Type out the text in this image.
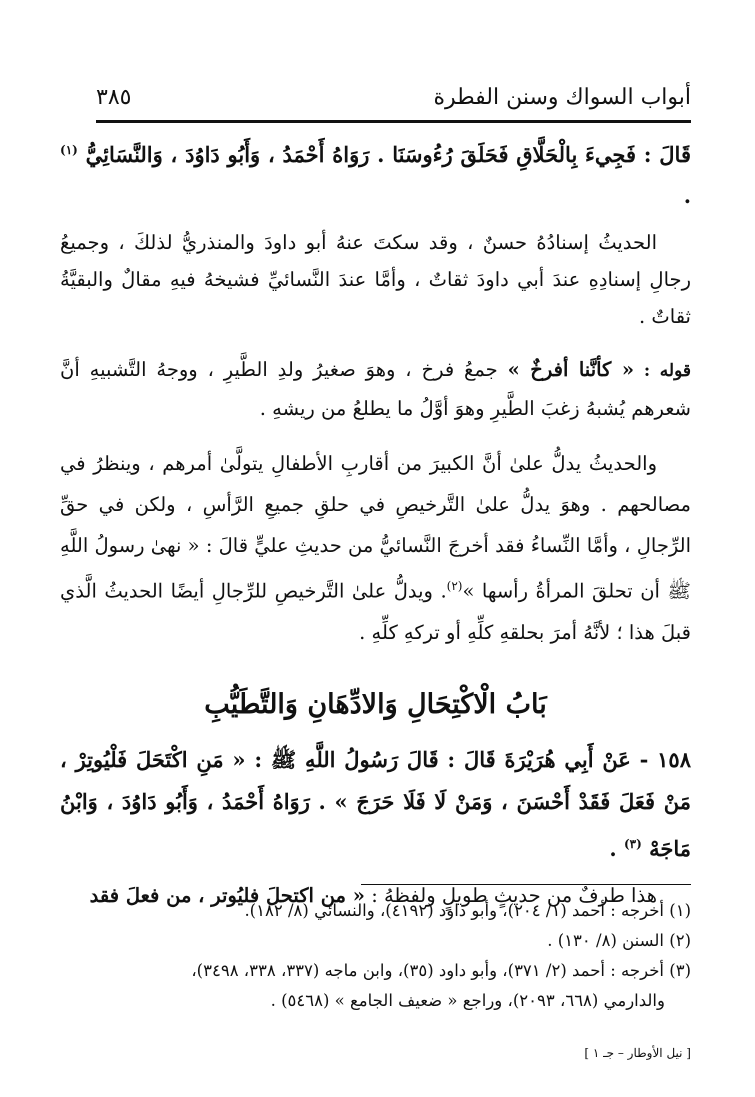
أبواب السواك وسنن الفطرة
٣٨٥

قَالَ : فَجِيءَ بِالْحَلَّاقِ فَحَلَقَ رُءُوسَنَا . رَوَاهُ أَحْمَدُ ، وَأَبُو دَاوُدَ ، وَالنَّسَائِيُّ $^{(١)}$ .

الحديثُ إسنادُهُ حسنٌ ، وقد سكتَ عنهُ أبو داودَ والمنذريُّ لذلكَ ، وجميعُ رجالِ إسنادِهِ عندَ أبي داودَ ثقاتٌ ، وأمَّا عندَ النَّسائيِّ فشيخهُ فيهِ مقالٌ والبقيَّةُ ثقاتٌ .

قوله : « كأنَّنا أفرخٌ » جمعُ فرخ ، وهوَ صغيرُ ولدِ الطَّيرِ ، ووجهُ التَّشبيهِ أنَّ شعرهم يُشبهُ زغبَ الطَّيرِ وهوَ أوَّلُ ما يطلعُ من ريشهِ .

والحديثُ يدلُّ علىٰ أنَّ الكبيرَ من أقاربِ الأطفالِ يتولَّىٰ أمرهم ، وينظرُ في مصالحهم . وهوَ يدلُّ علىٰ التَّرخيصِ في حلقِ جميعِ الرَّأسِ ، ولكن في حقِّ الرِّجالِ ، وأمَّا النِّساءُ فقد أخرجَ النَّسائيُّ من حديثِ عليٍّ قالَ : « نهىٰ رسولُ اللَّهِ ﷺ أن تحلقَ المرأةُ رأسها »$^{(٢)}$. ويدلُّ علىٰ التَّرخيصِ للرِّجالِ أيضًا الحديثُ الَّذي قبلَ هذا ؛ لأنَّهُ أمرَ بحلقهِ كلِّهِ أو تركهِ كلِّهِ .

بَابُ الْاكْتِحَالِ وَالادِّهَانِ وَالتَّطَيُّبِ

١٥٨ - عَنْ أَبِي هُرَيْرَةَ قَالَ : قَالَ رَسُولُ اللَّهِ ﷺ : « مَنِ اكْتَحَلَ فَلْيُوتِرْ ، مَنْ فَعَلَ فَقَدْ أَحْسَنَ ، وَمَنْ لَا فَلَا حَرَجَ » . رَوَاهُ أَحْمَدُ ، وَأَبُو دَاوُدَ ، وَابْنُ مَاجَهْ $^{(٣)}$ .

هذا طرفٌ من حديثٍ طويلٍ ولفظهُ : « من اكتحلَ فليُوتر ، من فعلَ فقد

(١) أخرجه : أحمد (١/ ٢٠٤)، وأبو داود (٤١٩٢)، والنسائي (٨/ ١٨٢).

(٢) السنن (٨/ ١٣٠) .

(٣) أخرجه : أحمد (٢/ ٣٧١)، وأبو داود (٣٥)، وابن ماجه (٣٣٧، ٣٣٨، ٣٤٩٨)،

والدارمي (٦٦٨، ٢٠٩٣)، وراجع « ضعيف الجامع » (٥٤٦٨) .

[ نيل الأوطار – جـ ١ ]
